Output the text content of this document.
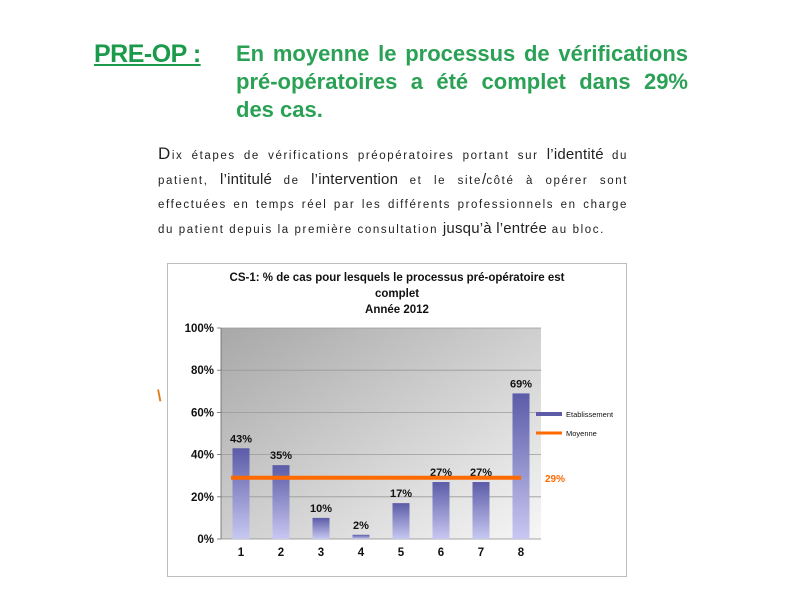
PRE-OP : En moyenne le processus de vérifications pré-opératoires a été complet dans 29% des cas.
Dix étapes de vérifications préopératoires portant sur l’identité du patient, l’intitulé de l’intervention et le site/côté à opérer sont effectuées en temps réel par les différents professionnels en charge du patient depuis la première consultation jusqu’à l’entrée au bloc.
\
CS-1: % de cas pour lesquels le processus pré-opératoire est
complet
Année 2012
0%
20%
40%
60%
80%
100%
43%
1
35%
2
10%
3
2%
4
17%
5
27%
6
27%
7
69%
8
29%
Etablissement
Moyenne
